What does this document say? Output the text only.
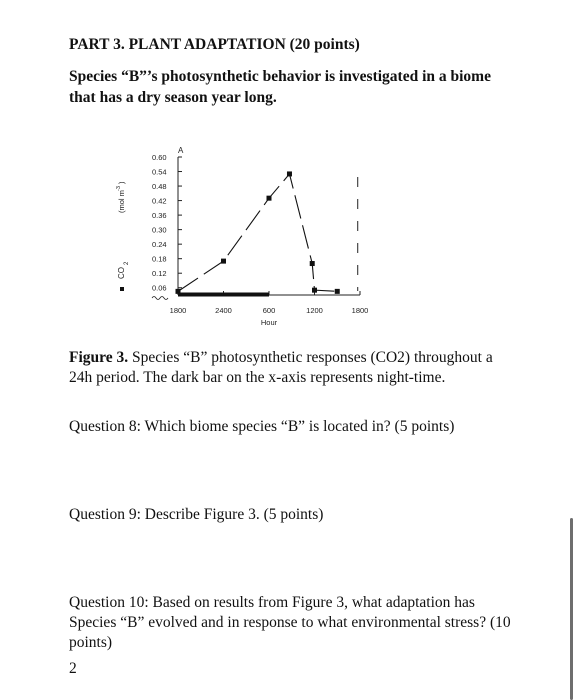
PART 3. PLANT ADAPTATION (20 points)
Species “B”’s photosynthetic behavior is investigated in a biome that has a dry season year long.
CO
2
(mol m
-3
)
0.60
0.54
0.48
0.42
0.36
0.30
0.24
0.18
0.12
0.06
1800	2400	600	1200	1800
Hour
A
Figure 3. Species “B” photosynthetic responses (CO2) throughout a 24h period. The dark bar on the x-axis represents night-time.
Question 8: Which biome species “B” is located in? (5 points)
Question 9: Describe Figure 3. (5 points)
Question 10: Based on results from Figure 3, what adaptation has Species “B” evolved and in response to what environmental stress? (10 points)
2
